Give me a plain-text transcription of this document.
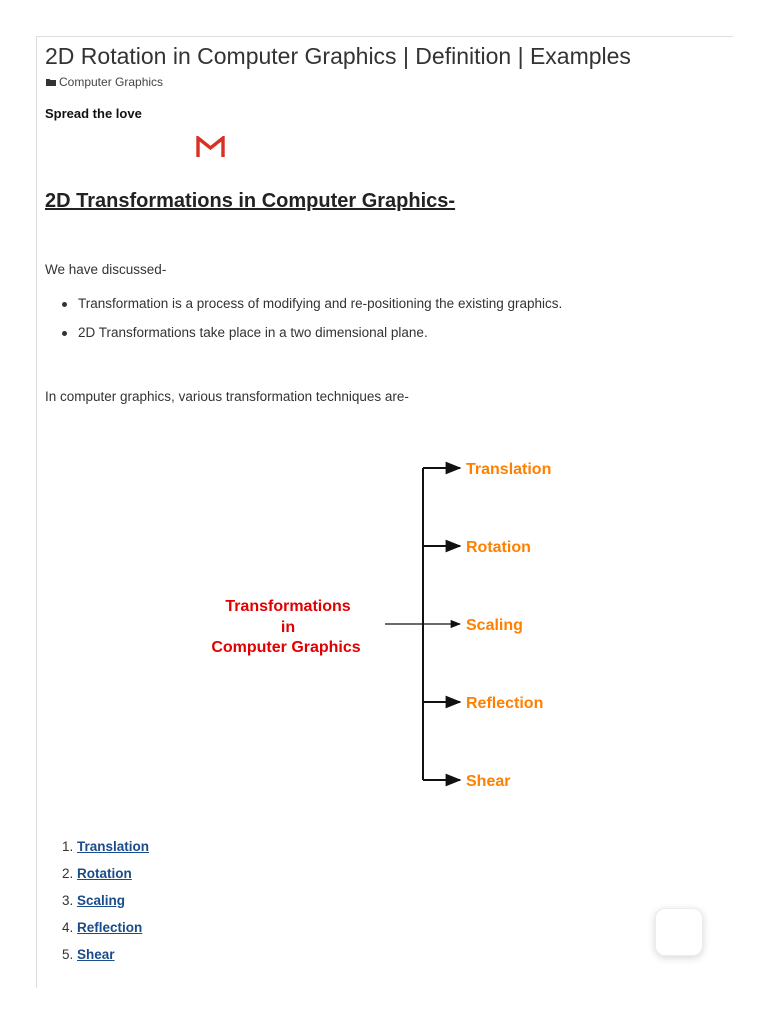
2D Rotation in Computer Graphics | Definition | Examples
Computer Graphics
Spread the love
2D Transformations in Computer Graphics-
We have discussed-
Transformation is a process of modifying and re-positioning the existing graphics.
2D Transformations take place in a two dimensional plane.
In computer graphics, various transformation techniques are-
Transformations
in
Computer Graphics
Translation
Rotation
Scaling
Reflection
Shear
1. Translation
2. Rotation
3. Scaling
4. Reflection
5. Shear
